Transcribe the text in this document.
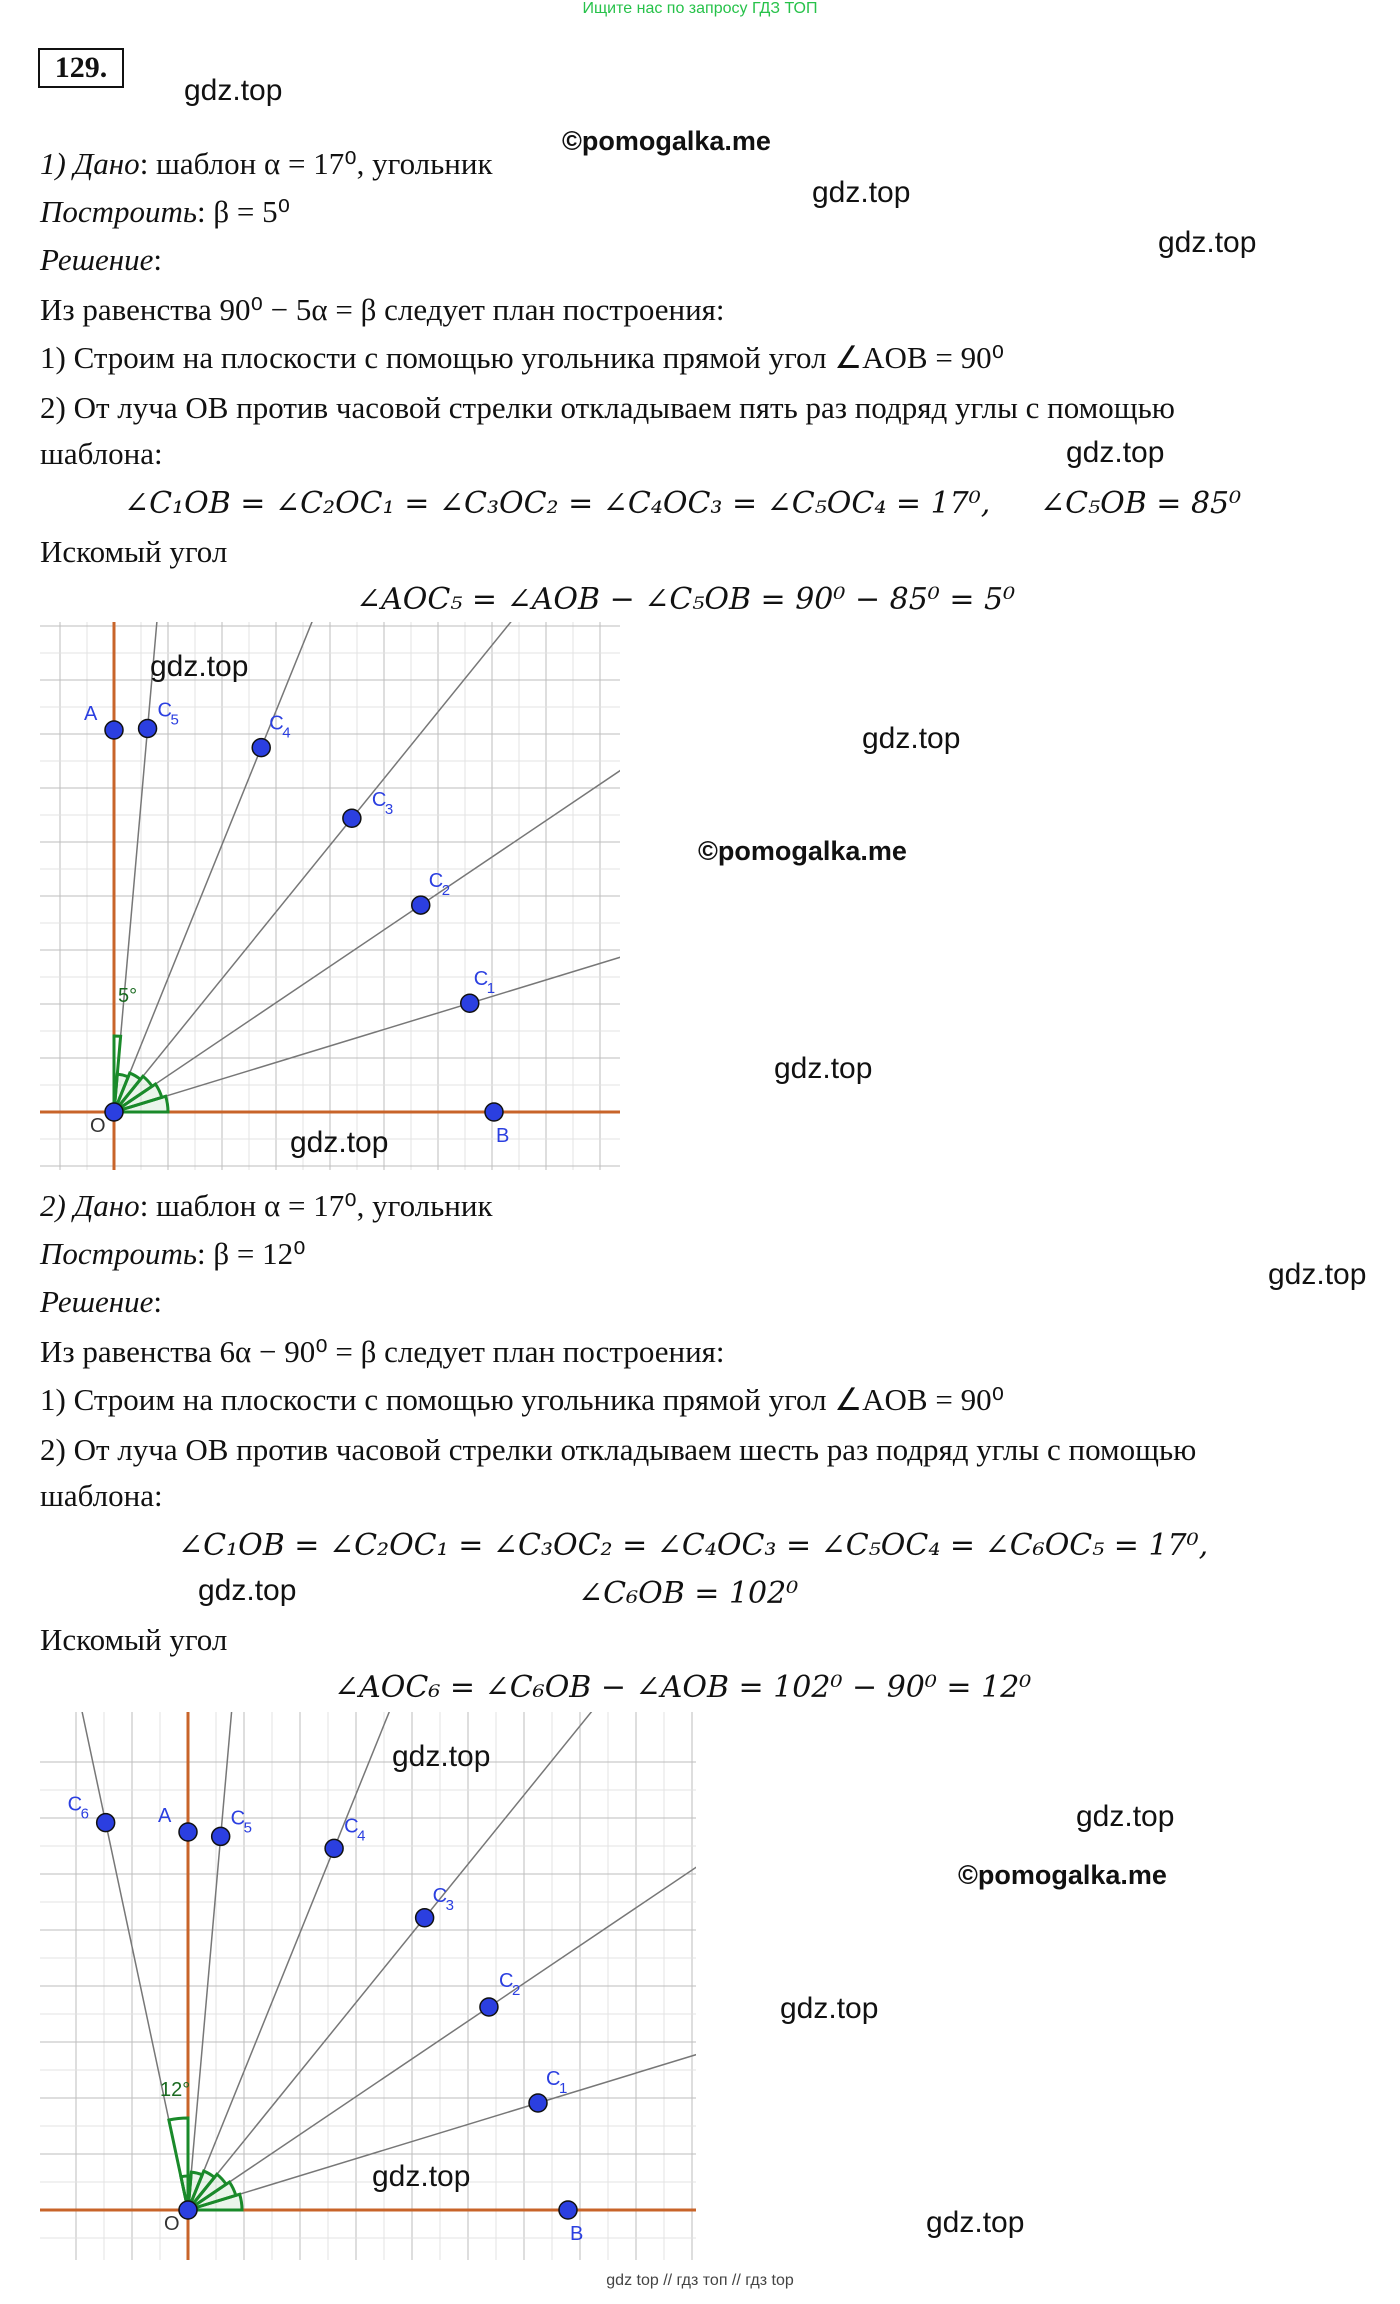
Ищите нас по запросу ГДЗ ТОП
129.
gdz.top
©pomogalka.me
gdz.top
gdz.top
gdz.top
1) Дано: шаблон α = 17⁰, угольник
Построить: β = 5⁰
Решение:
Из равенства 90⁰ − 5α = β следует план построения:
1) Строим на плоскости с помощью угольника прямой угол ∠AOB = 90⁰
2) От луча OB против часовой стрелки откладываем пять раз подряд углы с помощью
шаблона:
∠C₁OB = ∠C₂OC₁ = ∠C₃OC₂ = ∠C₄OC₃ = ∠C₅OC₄ = 17⁰, ∠C₅OB = 85⁰
Искомый угол
∠AOC₅ = ∠AOB − ∠C₅OB = 90⁰ − 85⁰ = 5⁰
5°
O	B
A
C
1
C
2
C
3
C
4
C
5
gdz.top
gdz.top
©pomogalka.me
gdz.top
gdz.top
2) Дано: шаблон α = 17⁰, угольник
Построить: β = 12⁰
gdz.top
Решение:
Из равенства 6α − 90⁰ = β следует план построения:
1) Строим на плоскости с помощью угольника прямой угол ∠AOB = 90⁰
2) От луча OB против часовой стрелки откладываем шесть раз подряд углы с помощью
шаблона:
∠C₁OB = ∠C₂OC₁ = ∠C₃OC₂ = ∠C₄OC₃ = ∠C₅OC₄ = ∠C₆OC₅ = 17⁰,
gdz.top	∠C₆OB = 102⁰
Искомый угол
∠AOC₆ = ∠C₆OB − ∠AOB = 102⁰ − 90⁰ = 12⁰
12°
O	B
A
C
1
C
2
C
3
C
4
C
5
C
6
gdz.top
gdz.top
©pomogalka.me
gdz.top
gdz.top
gdz.top
gdz top // гдз топ // гдз top
